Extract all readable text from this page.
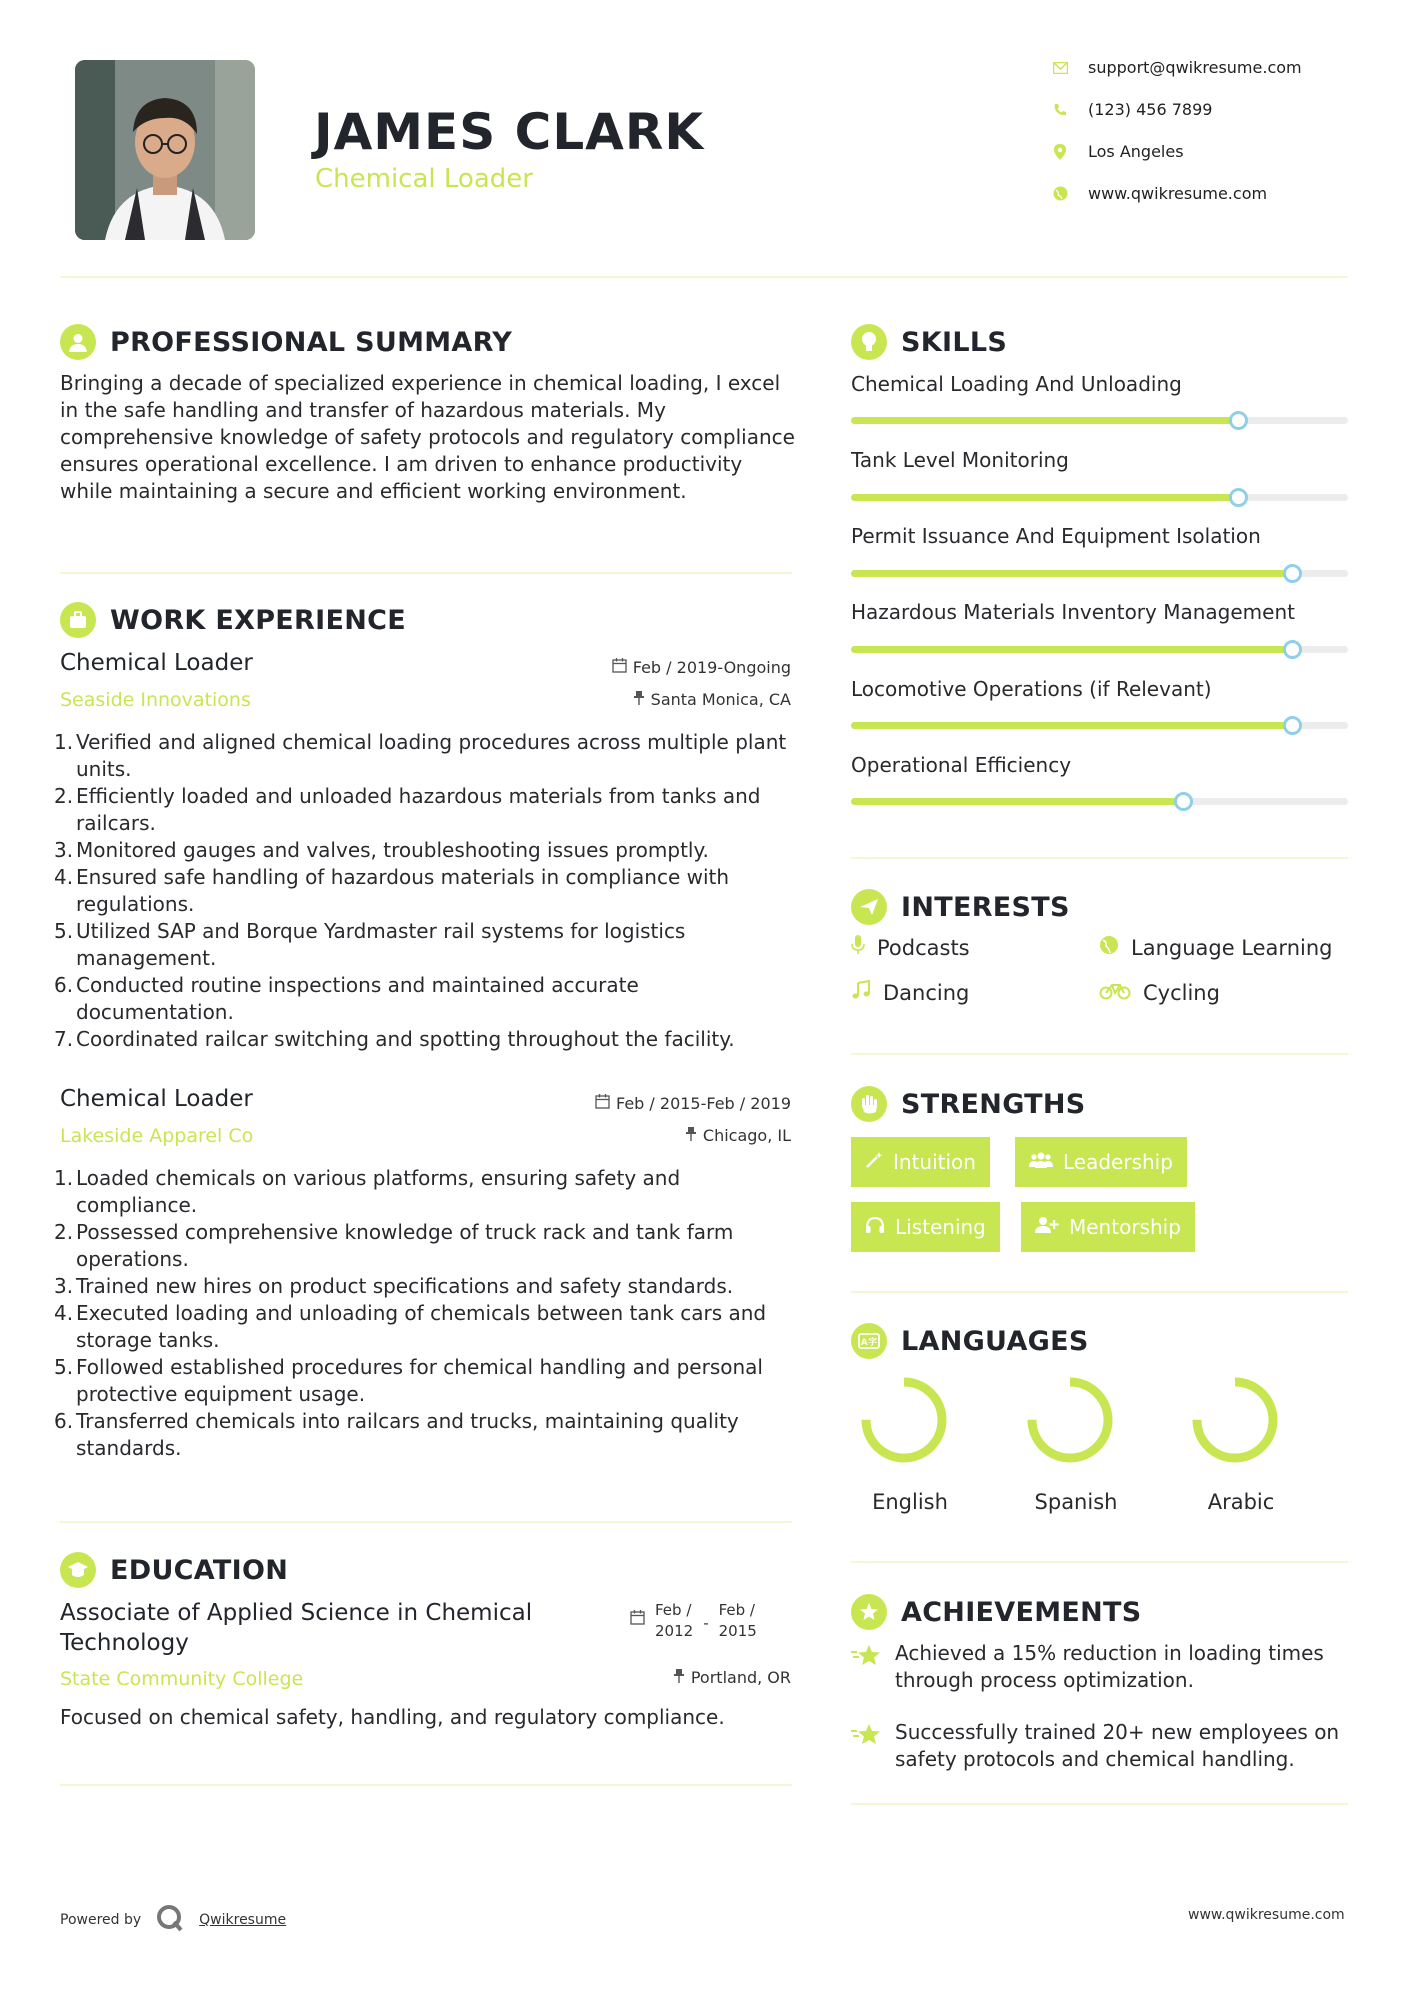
JAMES CLARK
Chemical Loader
support@qwikresume.com
(123) 456 7899
Los Angeles
www.qwikresume.com
PROFESSIONAL SUMMARY
Bringing a decade of specialized experience in chemical loading, I excel in the safe handling and transfer of hazardous materials. My comprehensive knowledge of safety protocols and regulatory compliance ensures operational excellence. I am driven to enhance productivity while maintaining a secure and efficient working environment.
WORK EXPERIENCE
Chemical Loader	Feb / 2019-Ongoing
Seaside Innovations	Santa Monica, CA
1. Verified and aligned chemical loading procedures across multiple plant units.
2. Efficiently loaded and unloaded hazardous materials from tanks and railcars.
3. Monitored gauges and valves, troubleshooting issues promptly.
4. Ensured safe handling of hazardous materials in compliance with regulations.
5. Utilized SAP and Borque Yardmaster rail systems for logistics management.
6. Conducted routine inspections and maintained accurate documentation.
7. Coordinated railcar switching and spotting throughout the facility.
Chemical Loader	Feb / 2015-Feb / 2019
Lakeside Apparel Co	Chicago, IL
1. Loaded chemicals on various platforms, ensuring safety and compliance.
2. Possessed comprehensive knowledge of truck rack and tank farm operations.
3. Trained new hires on product specifications and safety standards.
4. Executed loading and unloading of chemicals between tank cars and storage tanks.
5. Followed established procedures for chemical handling and personal protective equipment usage.
6. Transferred chemicals into railcars and trucks, maintaining quality standards.
EDUCATION
Associate of Applied Science in Chemical Technology
Feb /
2012 -
Feb /
2015
State Community College	Portland, OR
Focused on chemical safety, handling, and regulatory compliance.
SKILLS
Chemical Loading And Unloading
Tank Level Monitoring
Permit Issuance And Equipment Isolation
Hazardous Materials Inventory Management
Locomotive Operations (if Relevant)
Operational Efficiency
INTERESTS
Podcasts	Language Learning
Dancing	Cycling
STRENGTHS
Intuition	Leadership
Listening	Mentorship
A字 LANGUAGES
English	Spanish	Arabic
ACHIEVEMENTS
Achieved a 15% reduction in loading times through process optimization.
Successfully trained 20+ new employees on safety protocols and chemical handling.
Powered by	Qwikresume	www.qwikresume.com
